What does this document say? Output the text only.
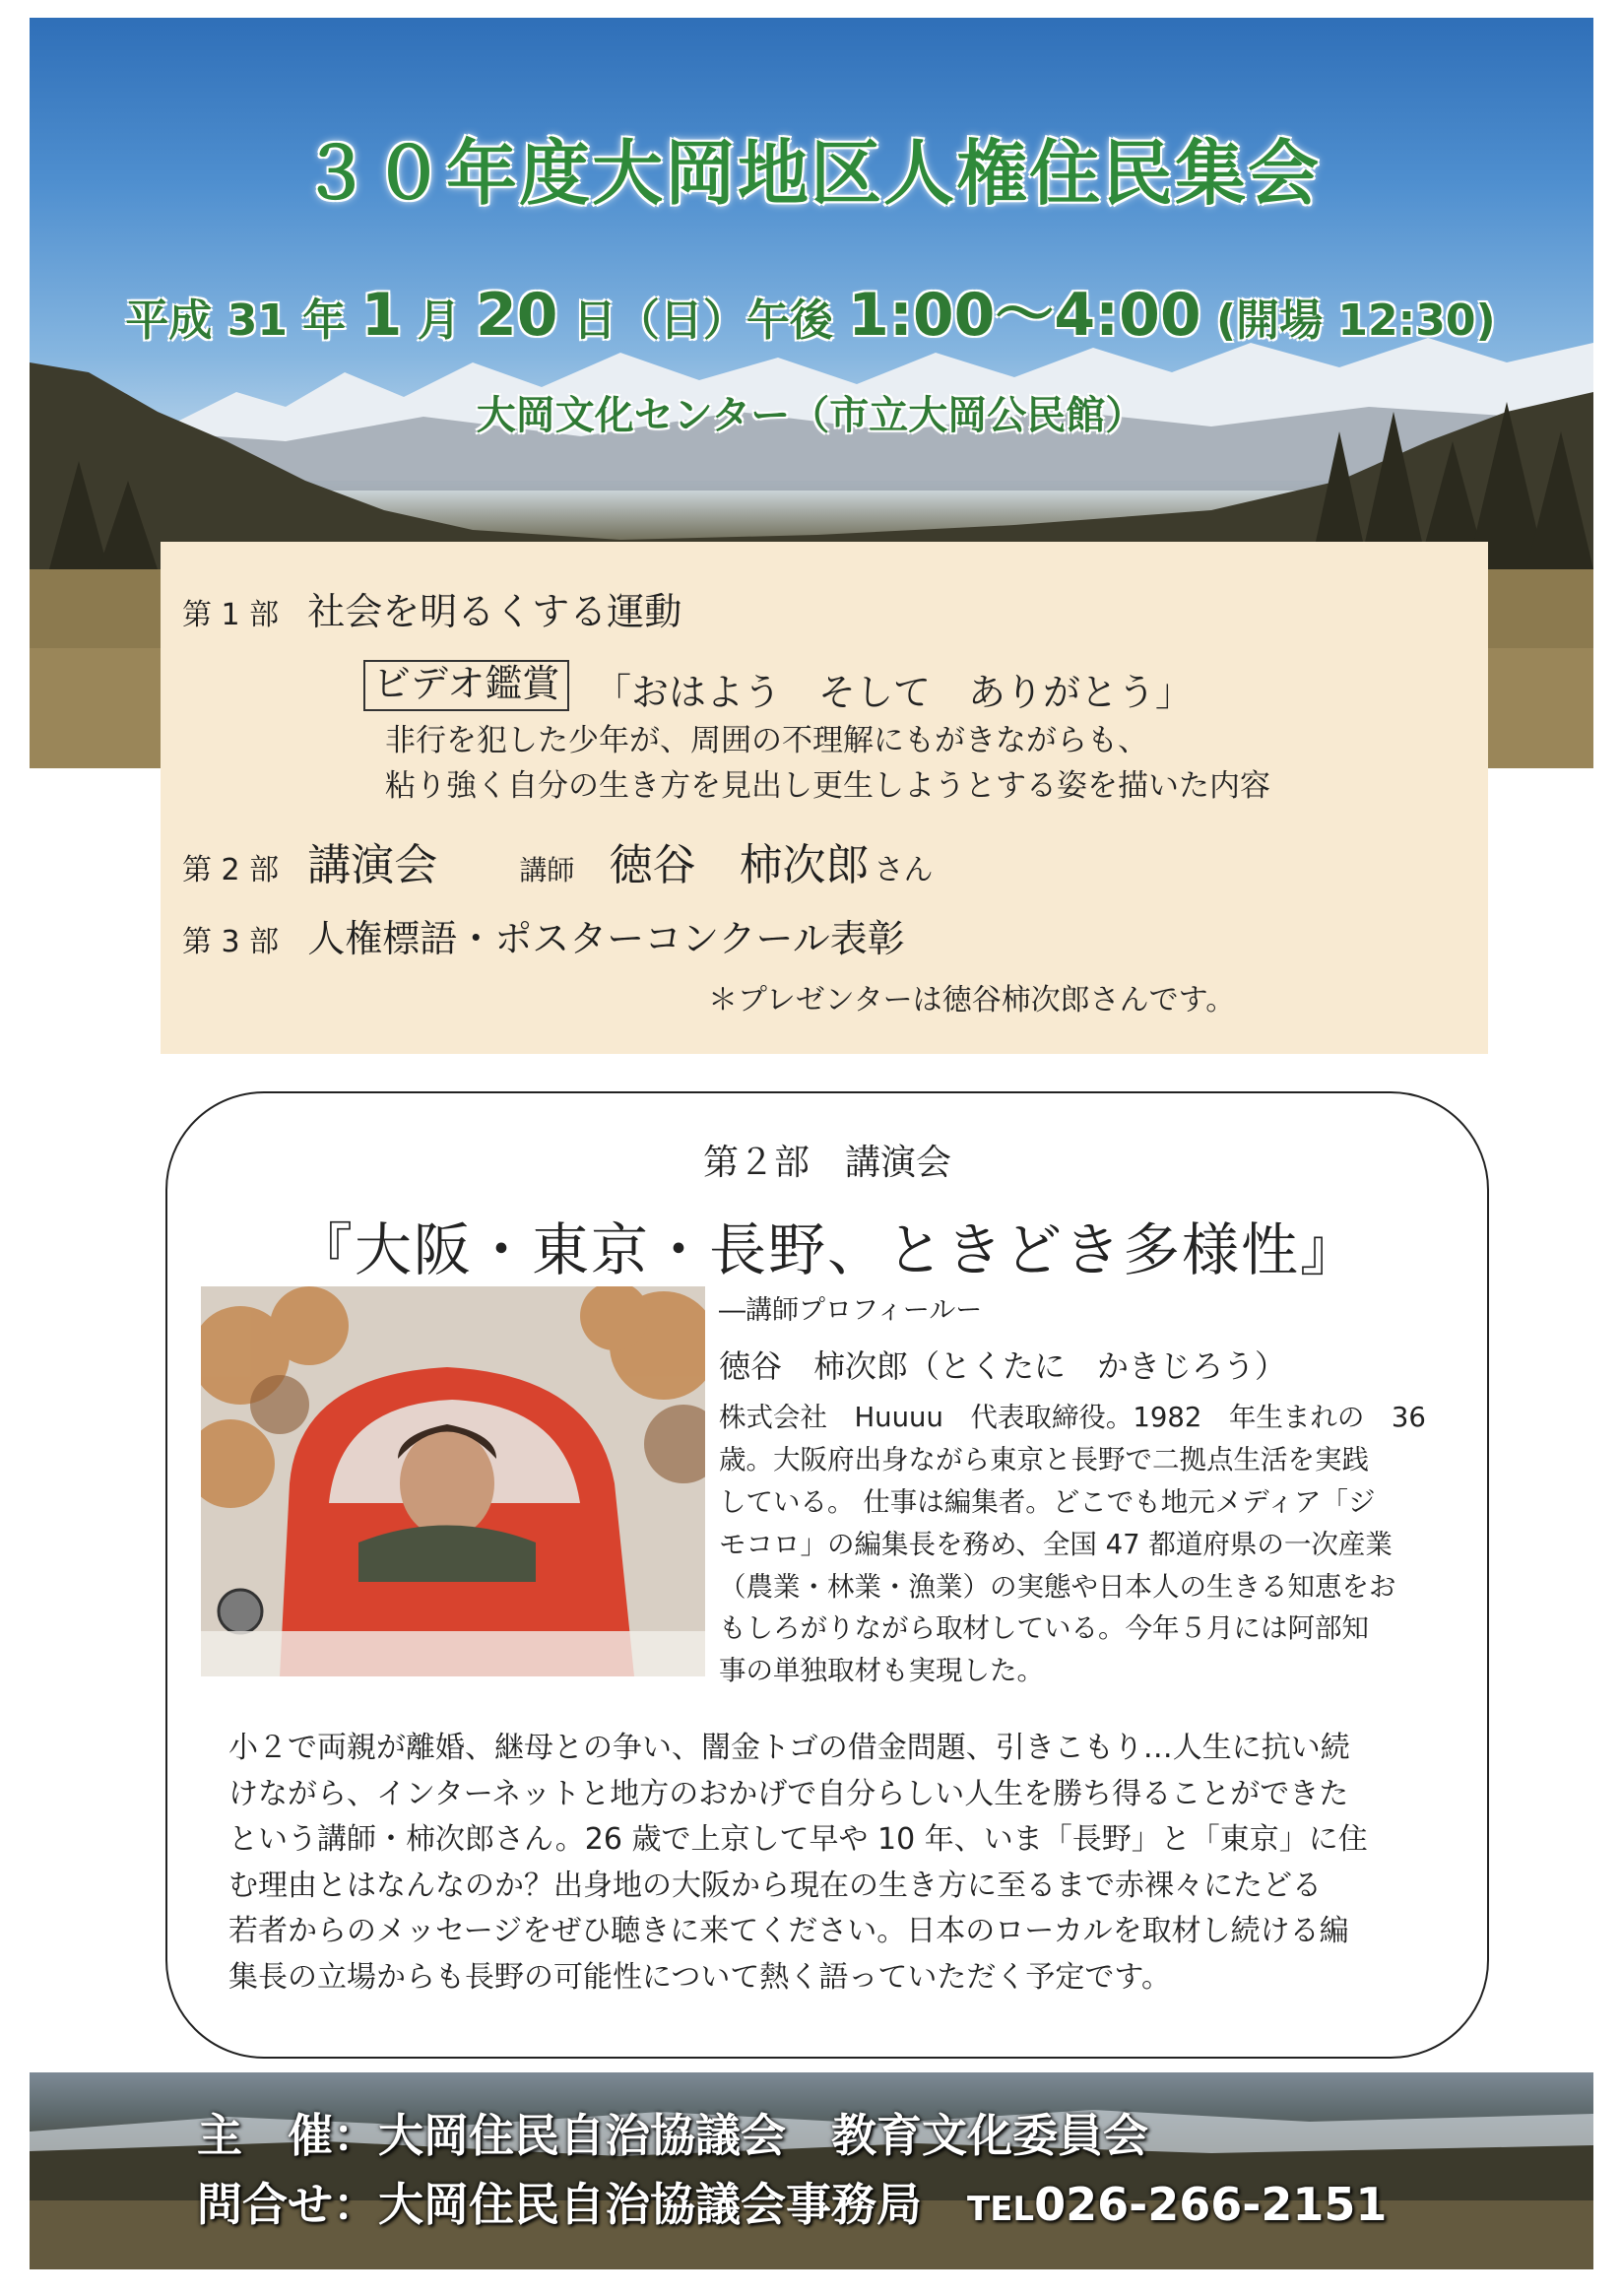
３０年度大岡地区人権住民集会
平成 31 年 1 月 20 日（日）午後 1:00〜4:00 (開場 12:30)
大岡文化センター（市立大岡公民館）
第 1 部 社会を明るくする運動
ビデオ鑑賞 「おはよう　そして　ありがとう」
非行を犯した少年が、周囲の不理解にもがきながらも、
粘り強く自分の生き方を見出し更生しようとする姿を描いた内容
第 2 部 講演会	講師 徳谷　柿次郎 さん
第 3 部 人権標語・ポスターコンクール表彰
＊プレゼンターは徳谷柿次郎さんです。
第２部　講演会
『大阪・東京・長野、ときどき多様性』
―講師プロフィールー
徳谷　柿次郎（とくたに　かきじろう）
株式会社　Huuuu　代表取締役。1982　年生まれの　36
歳。大阪府出身ながら東京と長野で二拠点生活を実践
している。 仕事は編集者。どこでも地元メディア「ジ
モコロ」の編集長を務め、全国 47 都道府県の一次産業
（農業・林業・漁業）の実態や日本人の生きる知恵をお
もしろがりながら取材している。今年５月には阿部知
事の単独取材も実現した。
小２で両親が離婚、継母との争い、闇金トゴの借金問題、引きこもり…人生に抗い続
けながら、インターネットと地方のおかげで自分らしい人生を勝ち得ることができた
という講師・柿次郎さん。26 歳で上京して早や 10 年、いま「長野」と「東京」に住
む理由とはなんなのか？出身地の大阪から現在の生き方に至るまで赤裸々にたどる
若者からのメッセージをぜひ聴きに来てください。日本のローカルを取材し続ける編
集長の立場からも長野の可能性について熱く語っていただく予定です。
主　催：大岡住民自治協議会　教育文化委員会
問合せ：大岡住民自治協議会事務局 TEL026-266-2151
